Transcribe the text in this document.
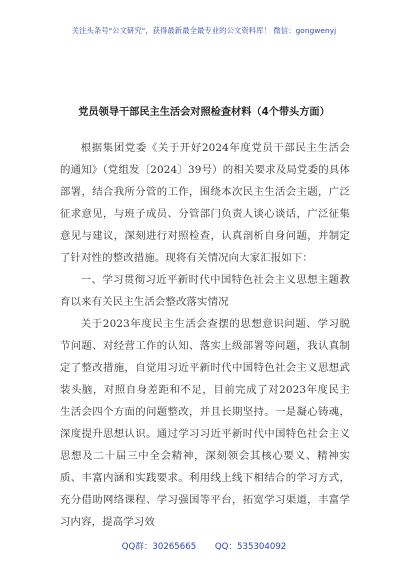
关注头条号"公文研究"，获得最新最全最专业的公文资料库！ 微信：gongwenyj
党员领导干部民主生活会对照检查材料（4个带头方面）

根据集团党委《关于开好2024年度党员干部民主生活会的通知》（党组发〔2024〕39号）的相关要求及局党委的具体部署，结合我所分管的工作，围绕本次民主生活会主题，广泛征求意见，与班子成员、分管部门负责人谈心谈话，广泛征集意见与建议，深刻进行对照检查，认真剖析自身问题，并制定了针对性的整改措施。现将有关情况向大家汇报如下：

一、学习贯彻习近平新时代中国特色社会主义思想主题教育以来有关民主生活会整改落实情况

关于2023年度民主生活会查摆的思想意识问题、学习脱节问题、对经营工作的认知、落实上级部署等问题，我认真制定了整改措施，自觉用习近平新时代中国特色社会主义思想武装头脑，对照自身差距和不足，目前完成了对2023年度民主生活会四个方面的问题整改，并且长期坚持。一是凝心铸魂，深度提升思想认识。通过学习习近平新时代中国特色社会主义思想及二十届三中全会精神，深刻领会其核心要义、精神实质、丰富内涵和实践要求。利用线上线下相结合的学习方式，充分借助网络课程、学习强国等平台，拓宽学习渠道，丰富学习内容，提高学习效

QQ群：30265665 QQ：535304092
